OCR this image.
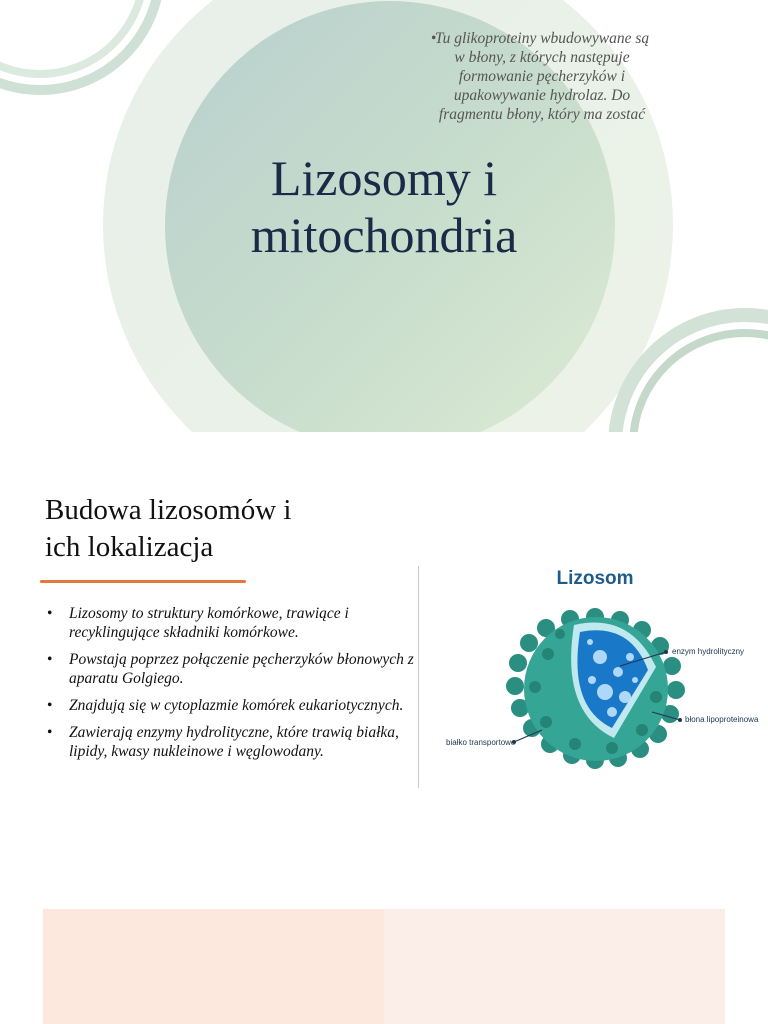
Lizosomy i
mitochondria
Budowa lizosomów i
ich lokalizacja
• Lizosomy to struktury komórkowe, trawiące i recyklingujące składniki komórkowe.
• Powstają poprzez połączenie pęcherzyków błonowych z aparatu Golgiego.
• Znajdują się w cytoplazmie komórek eukariotycznych.
• Zawierają enzymy hydrolityczne, które trawią białka, lipidy, kwasy nukleinowe i węglowodany.
Lizosom
enzym hydrolityczny
błona lipoproteinowa
białko transportowe
•
Tu glikoproteiny wbudowywane są w błony, z których następuje formowanie pęcherzyków i upakowywanie hydrolaz. Do fragmentu błony, który ma zostać
